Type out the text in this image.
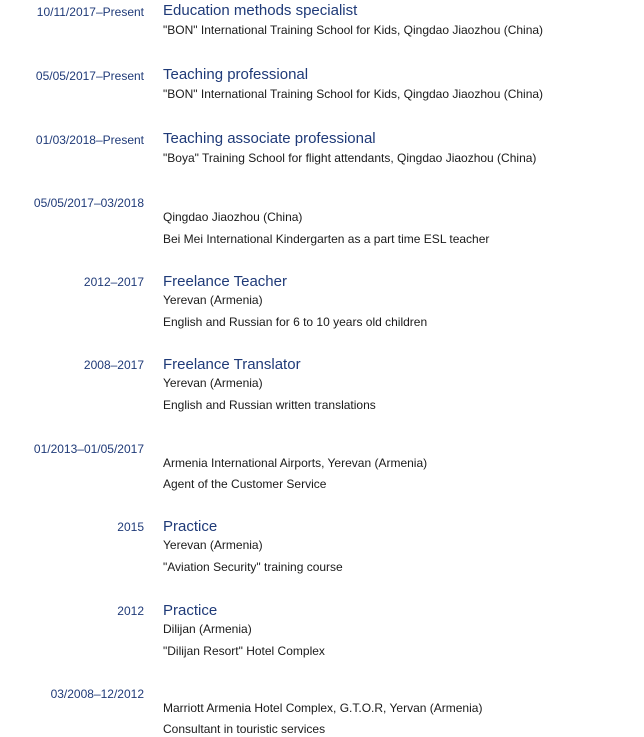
10/11/2017–Present Education methods specialist
"BON" International Training School for Kids, Qingdao Jiaozhou (China)
05/05/2017–Present Teaching professional
"BON" International Training School for Kids, Qingdao Jiaozhou (China)
01/03/2018–Present Teaching associate professional
"Boya" Training School for flight attendants, Qingdao Jiaozhou (China)
05/05/2017–03/2018
Qingdao Jiaozhou (China)
Bei Mei International Kindergarten as a part time ESL teacher
2012–2017 Freelance Teacher
Yerevan (Armenia)
English and Russian for 6 to 10 years old children
2008–2017 Freelance Translator
Yerevan (Armenia)
English and Russian written translations
01/2013–01/05/2017
Armenia International Airports, Yerevan (Armenia)
Agent of the Customer Service
2015 Practice
Yerevan (Armenia)
"Aviation Security" training course
2012 Practice
Dilijan (Armenia)
"Dilijan Resort" Hotel Complex
03/2008–12/2012
Marriott Armenia Hotel Complex, G.T.O.R, Yervan (Armenia)
Consultant in touristic services
